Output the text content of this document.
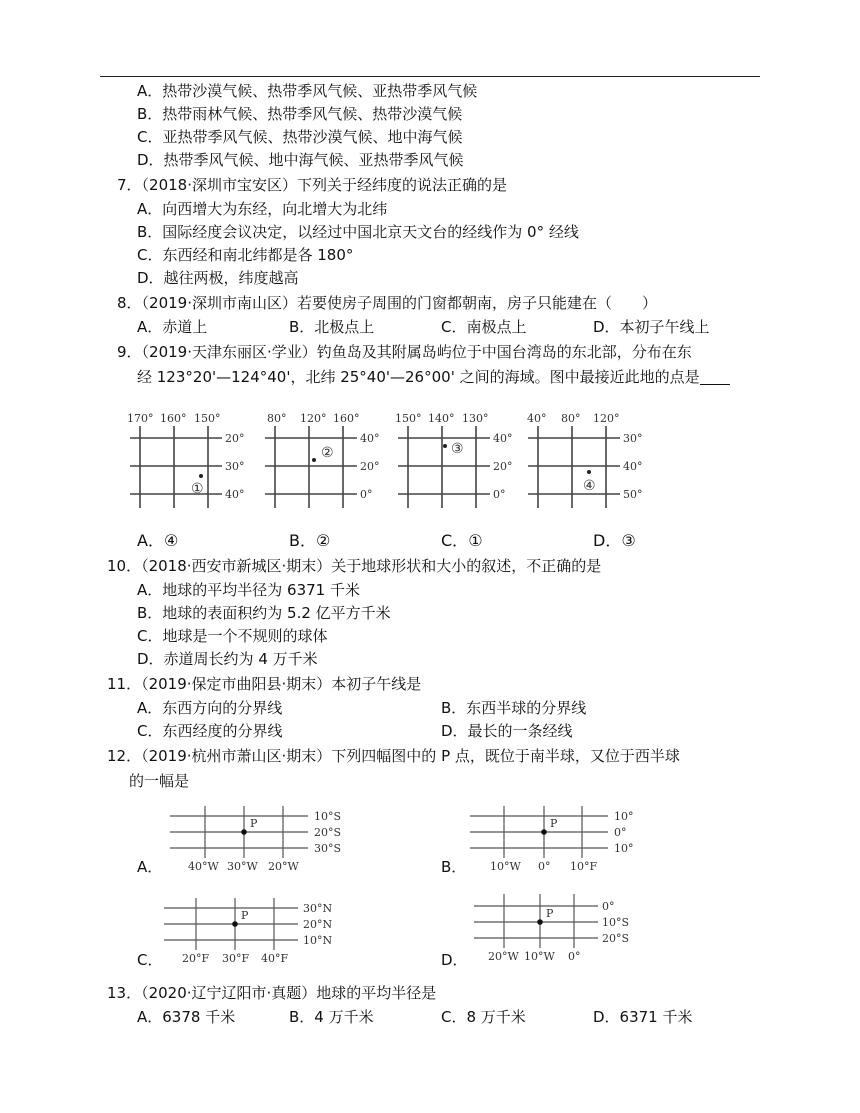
A．热带沙漠气候、热带季风气候、亚热带季风气候
B．热带雨林气候、热带季风气候、热带沙漠气候
C．亚热带季风气候、热带沙漠气候、地中海气候
D．热带季风气候、地中海气候、亚热带季风气候
7．（2018·深圳市宝安区）下列关于经纬度的说法正确的是
A．向西增大为东经，向北增大为北纬
B．国际经度会议决定，以经过中国北京天文台的经线作为 0° 经线
C．东西经和南北纬都是各 180°
D．越往两极，纬度越高
8．（2019·深圳市南山区）若要使房子周围的门窗都朝南，房子只能建在（　　）
A．赤道上	B．北极点上	C．南极点上	D．本初子午线上
9．（2019·天津东丽区·学业）钓鱼岛及其附属岛屿位于中国台湾岛的东北部，分布在东
经 123°20'—124°40'，北纬 25°40'—26°00' 之间的海域。图中最接近此地的点是
170° 160° 150°
20°
30°
40°
①
80° 120° 160°
40°
20°
0°
②
150° 140° 130°
40°
20°
0°
③
40° 80° 120°
30°
40°
50°
④
A．④	B．②	C．①	D．③
10．（2018·西安市新城区·期末）关于地球形状和大小的叙述，不正确的是
A．地球的平均半径为 6371 千米
B．地球的表面积约为 5.2 亿平方千米
C．地球是一个不规则的球体
D．赤道周长约为 4 万千米
11．（2019·保定市曲阳县·期末）本初子午线是
A．东西方向的分界线	B．东西半球的分界线
C．东西经度的分界线	D．最长的一条经线
12．（2019·杭州市萧山区·期末）下列四幅图中的 P 点，既位于南半球，又位于西半球
的一幅是
A．
P
10°S
20°S
30°S
40°W 30°W 20°W	B．
P
10°
0°
10°
10°W 0° 10°F
C．
P
30°N
20°N
10°N
20°F 30°F 40°F	D．
P
0°
10°S
20°S
20°W 10°W 0°
13．（2020·辽宁辽阳市·真题）地球的平均半径是
A．6378 千米	B．4 万千米	C．8 万千米	D．6371 千米
